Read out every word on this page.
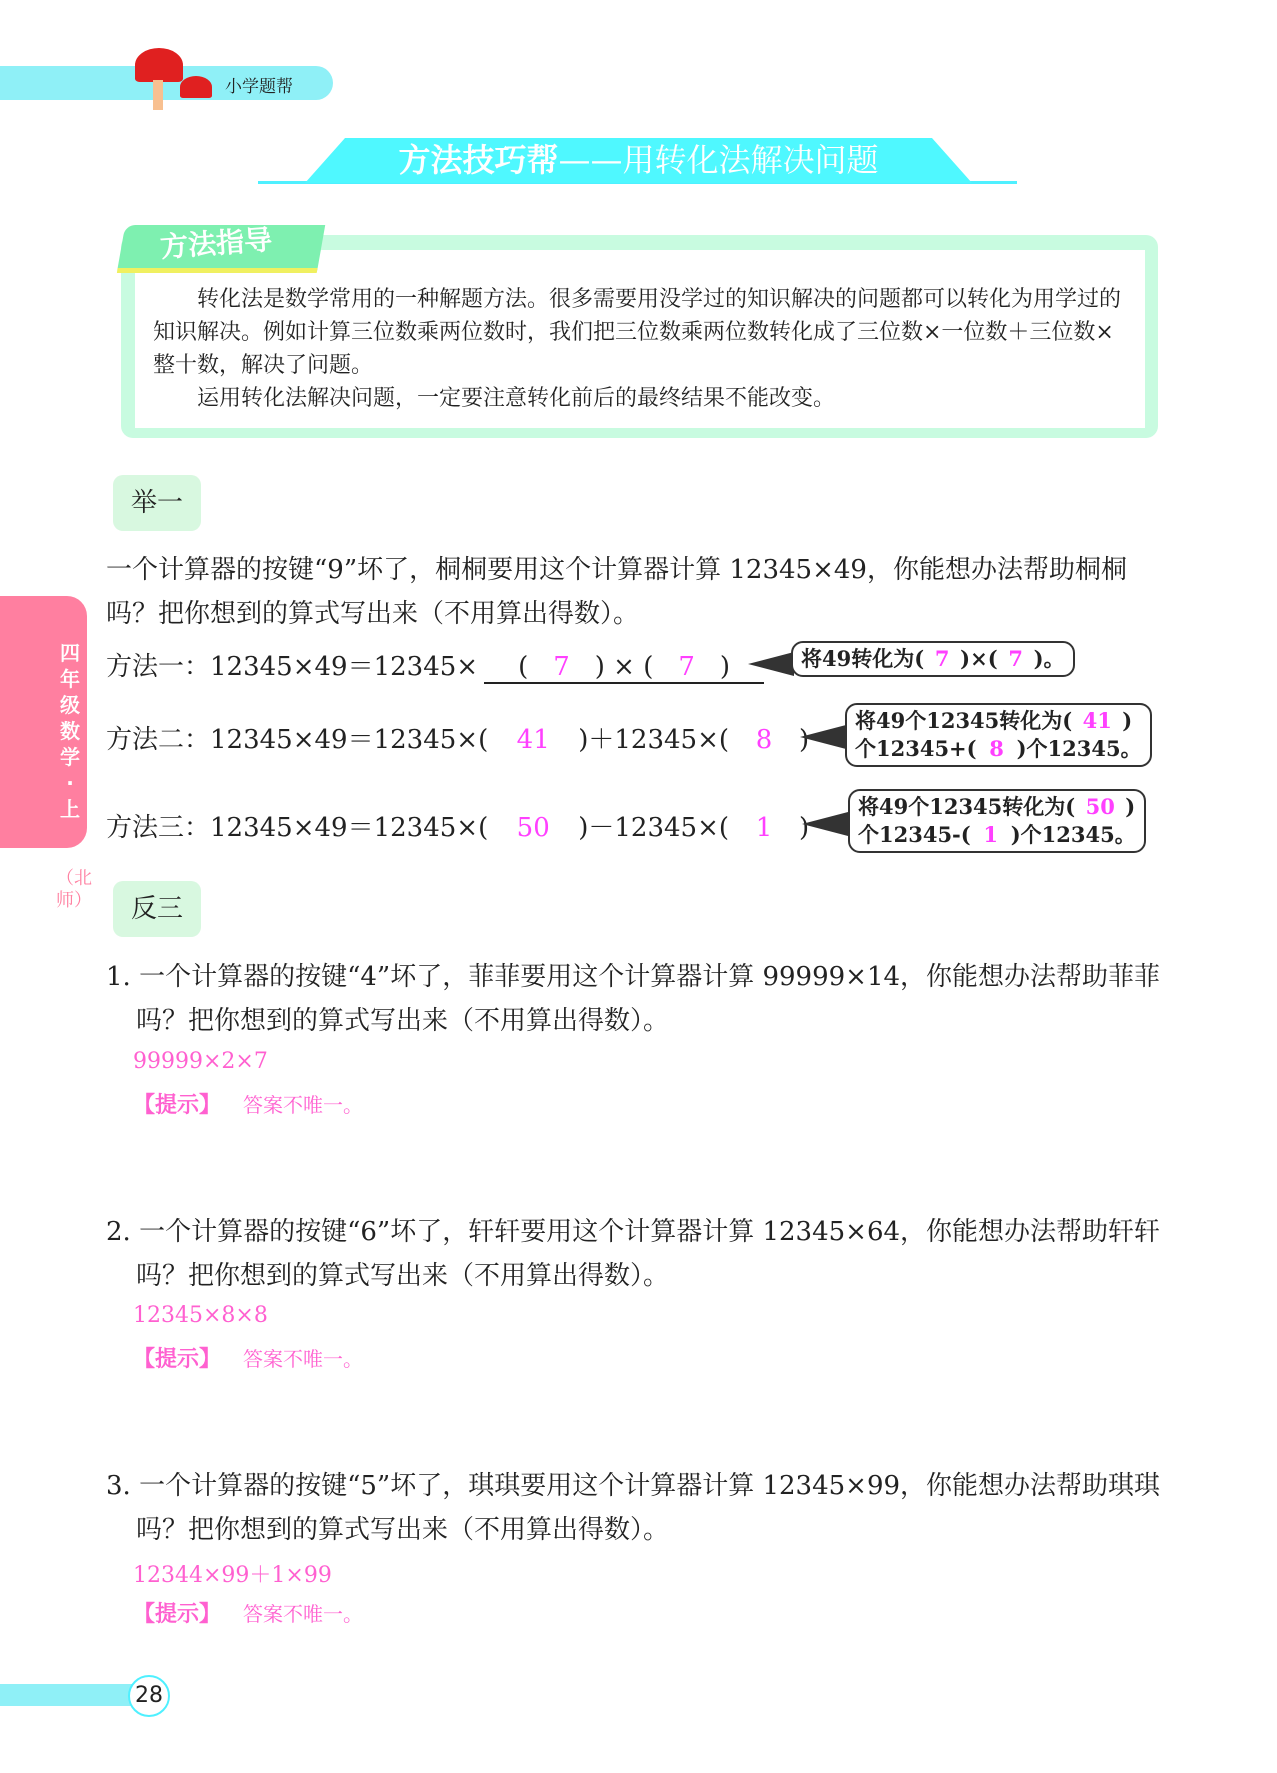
小学题帮
方法技巧帮——用转化法解决问题
方法指导
转化法是数学常用的一种解题方法。很多需要用没学过的知识解决的问题都可以转化为用学过的知识解决。例如计算三位数乘两位数时，我们把三位数乘两位数转化成了三位数×一位数＋三位数×整十数，解决了问题。
运用转化法解决问题，一定要注意转化前后的最终结果不能改变。
四年级数学·上
（北师）
举一
一个计算器的按键“9”坏了，桐桐要用这个计算器计算 12345×49，你能想办法帮助桐桐吗？把你想到的算式写出来（不用算出得数）。
方法一：12345×49＝12345× ( 7 ) × ( 7 )	将49转化为( 7 )×( 7 )。
方法二：12345×49＝12345×( 41 )＋12345×( 8 )
将49个12345转化为( 41 )
个12345+( 8 )个12345。
方法三：12345×49＝12345×( 50 )－12345×( 1 )
将49个12345转化为( 50 )
个12345-( 1 )个12345。
反三
1. 一个计算器的按键“4”坏了，菲菲要用这个计算器计算 99999×14，你能想办法帮助菲菲吗？把你想到的算式写出来（不用算出得数）。
99999×2×7
【提示】 答案不唯一。
2. 一个计算器的按键“6”坏了，轩轩要用这个计算器计算 12345×64，你能想办法帮助轩轩吗？把你想到的算式写出来（不用算出得数）。
12345×8×8
【提示】 答案不唯一。
3. 一个计算器的按键“5”坏了，琪琪要用这个计算器计算 12345×99，你能想办法帮助琪琪吗？把你想到的算式写出来（不用算出得数）。
12344×99＋1×99
【提示】 答案不唯一。
28
